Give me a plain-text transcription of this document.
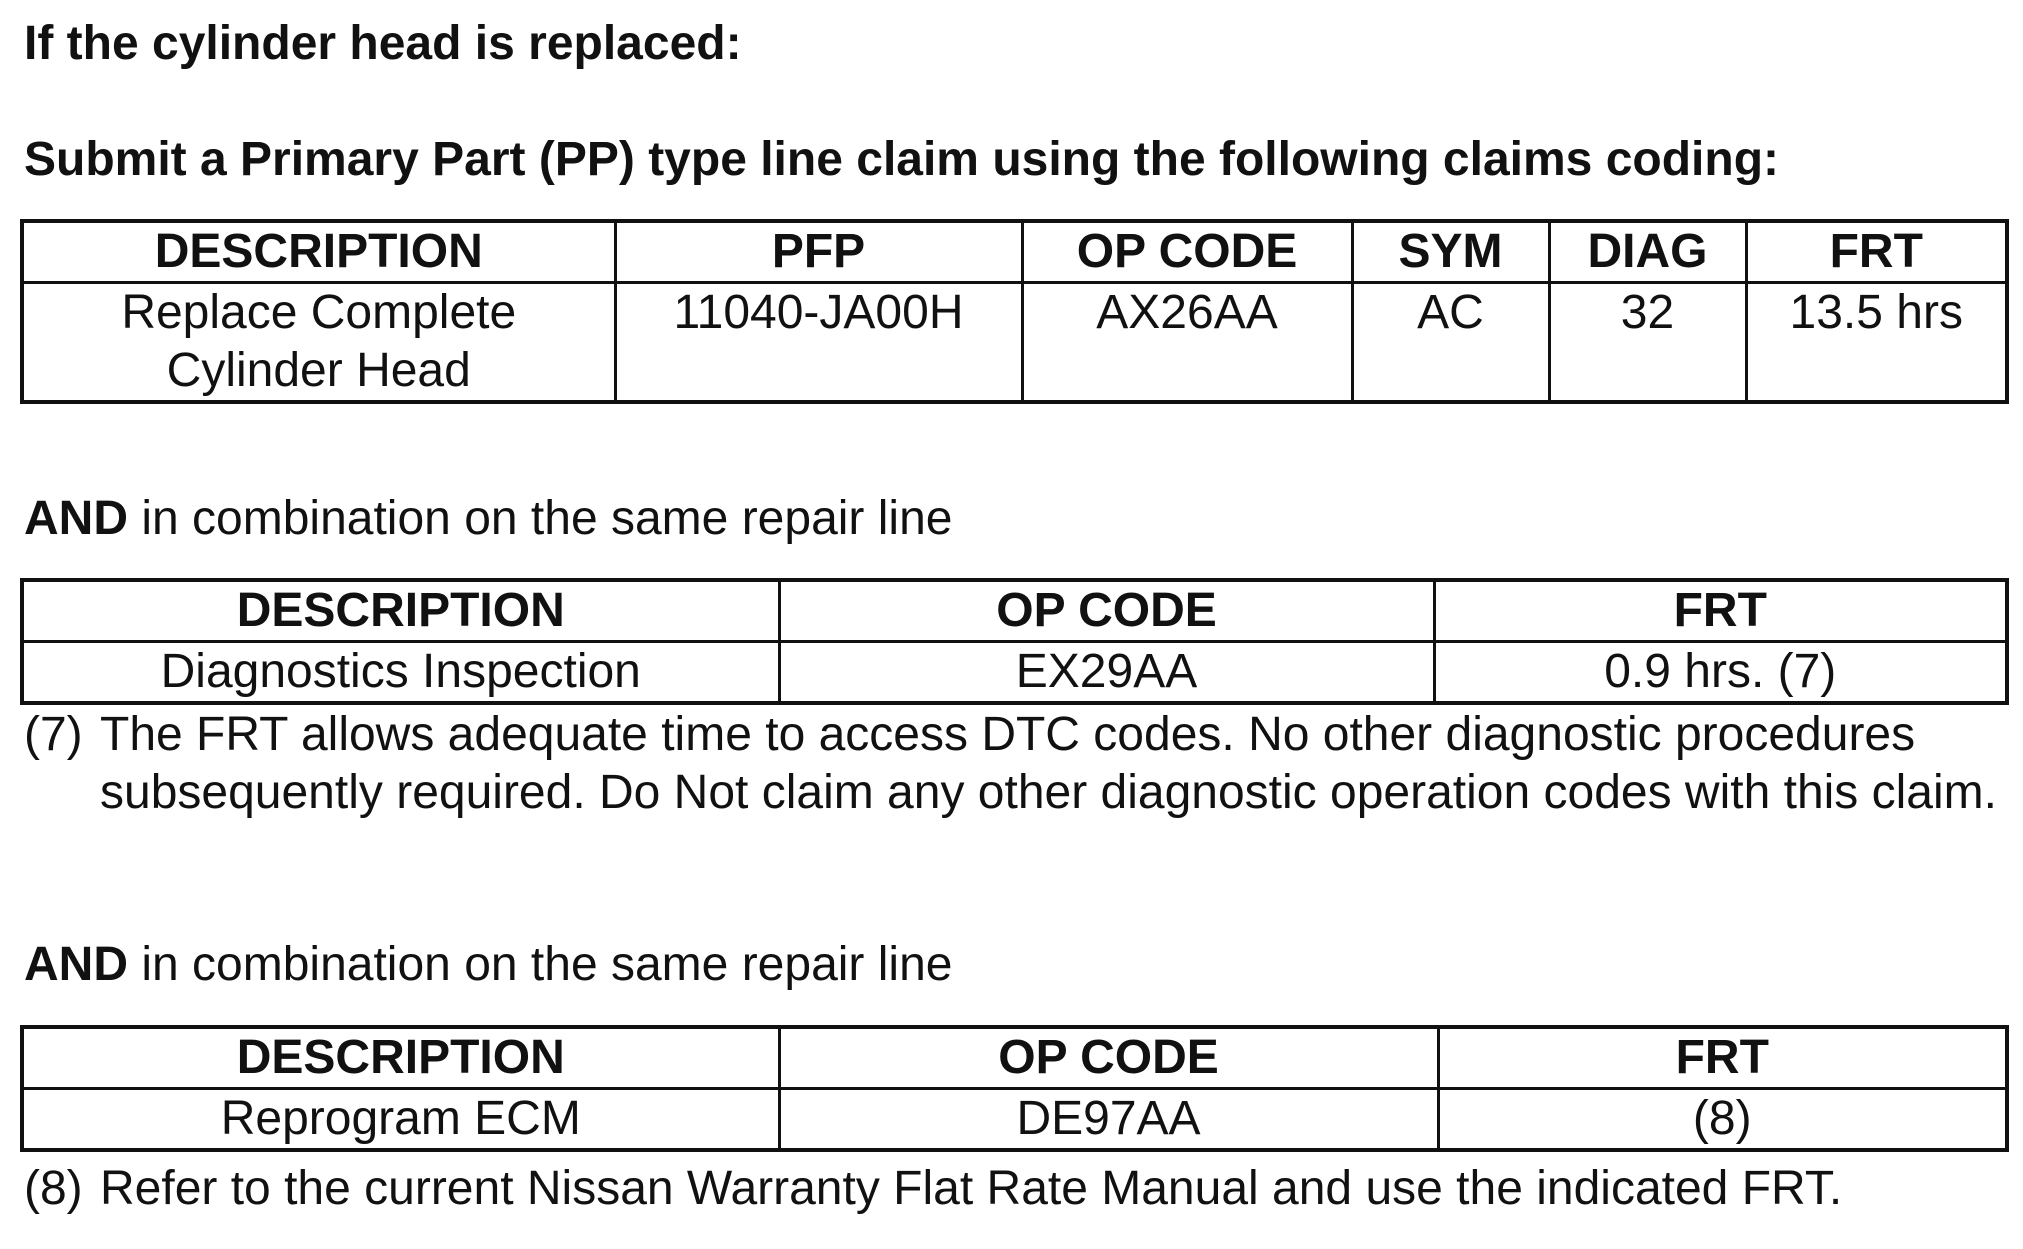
If the cylinder head is replaced:
Submit a Primary Part (PP) type line claim using the following claims coding:
DESCRIPTION	PFP	OP CODE	SYM	DIAG	FRT

Replace Complete
Cylinder Head	11040-JA00H	AX26AA	AC	32	13.5 hrs
AND in combination on the same repair line
DESCRIPTION	OP CODE	FRT
Diagnostics Inspection	EX29AA	0.9 hrs. (7)
(7) The FRT allows adequate time to access DTC codes. No other diagnostic procedures subsequently required. Do Not claim any other diagnostic operation codes with this claim.
AND in combination on the same repair line
DESCRIPTION	OP CODE	FRT
Reprogram ECM	DE97AA	(8)
(8) Refer to the current Nissan Warranty Flat Rate Manual and use the indicated FRT.
